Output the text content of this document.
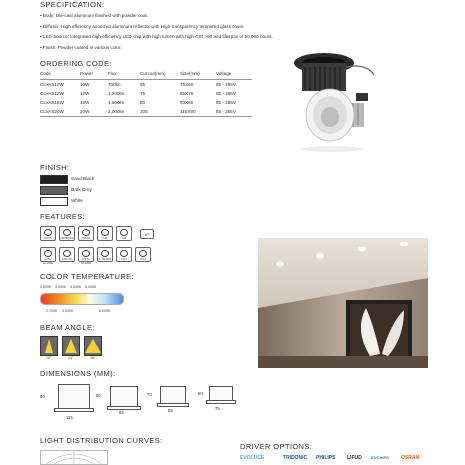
SPECIFICATION:

• Body: Die-cast aluminum finished with powder coat.

• Diffuser: High efficiency anodized aluminum reflector with High-transparency tempered glass cover.

• LED Source: Integrated high-efficiency LED chip with high lumen with high CRI >90 and lifespan of 50,000 hours.

• Finish: Powder coated in various color.

ORDERING CODE:
Code	Power	Flux	Cut out(mm)	Size(mm)	Voltage
CLVAS10W	10W	700lm	65	75X60	85 - 265V
CLVAS12W	12W	1,200lm	75	85X70	85 - 265V
CLVAS15W	15W	1,500lm	80	93X80	85 - 265V
CLVAS20W	20W	2,000lm	105	115X90	85 - 265V
FINISH:
Sand Black
Dark Grey
White
FEATURES:
ICON	DIMMING	TRIAC	CE	CB
IP
LOW GLARE
CRI>90	ANTI-GLARE
5 YEARS	TUV	IP44
COLOR TEMPERATURE:
2,000K 3,000K 4,000K 5,000K
2,700K 3,000K	6,000K
BEAM ANGLE:
15°	24°	36°
DIMENSIONS (MM):
90
115
80
93
70
85
60
75
LIGHT DISTRIBUTION CURVES:
DRIVER OPTIONS:
EVOLUCE	TRIDONIC PHILIPS LIFUD EUCHIPS OSRAM
